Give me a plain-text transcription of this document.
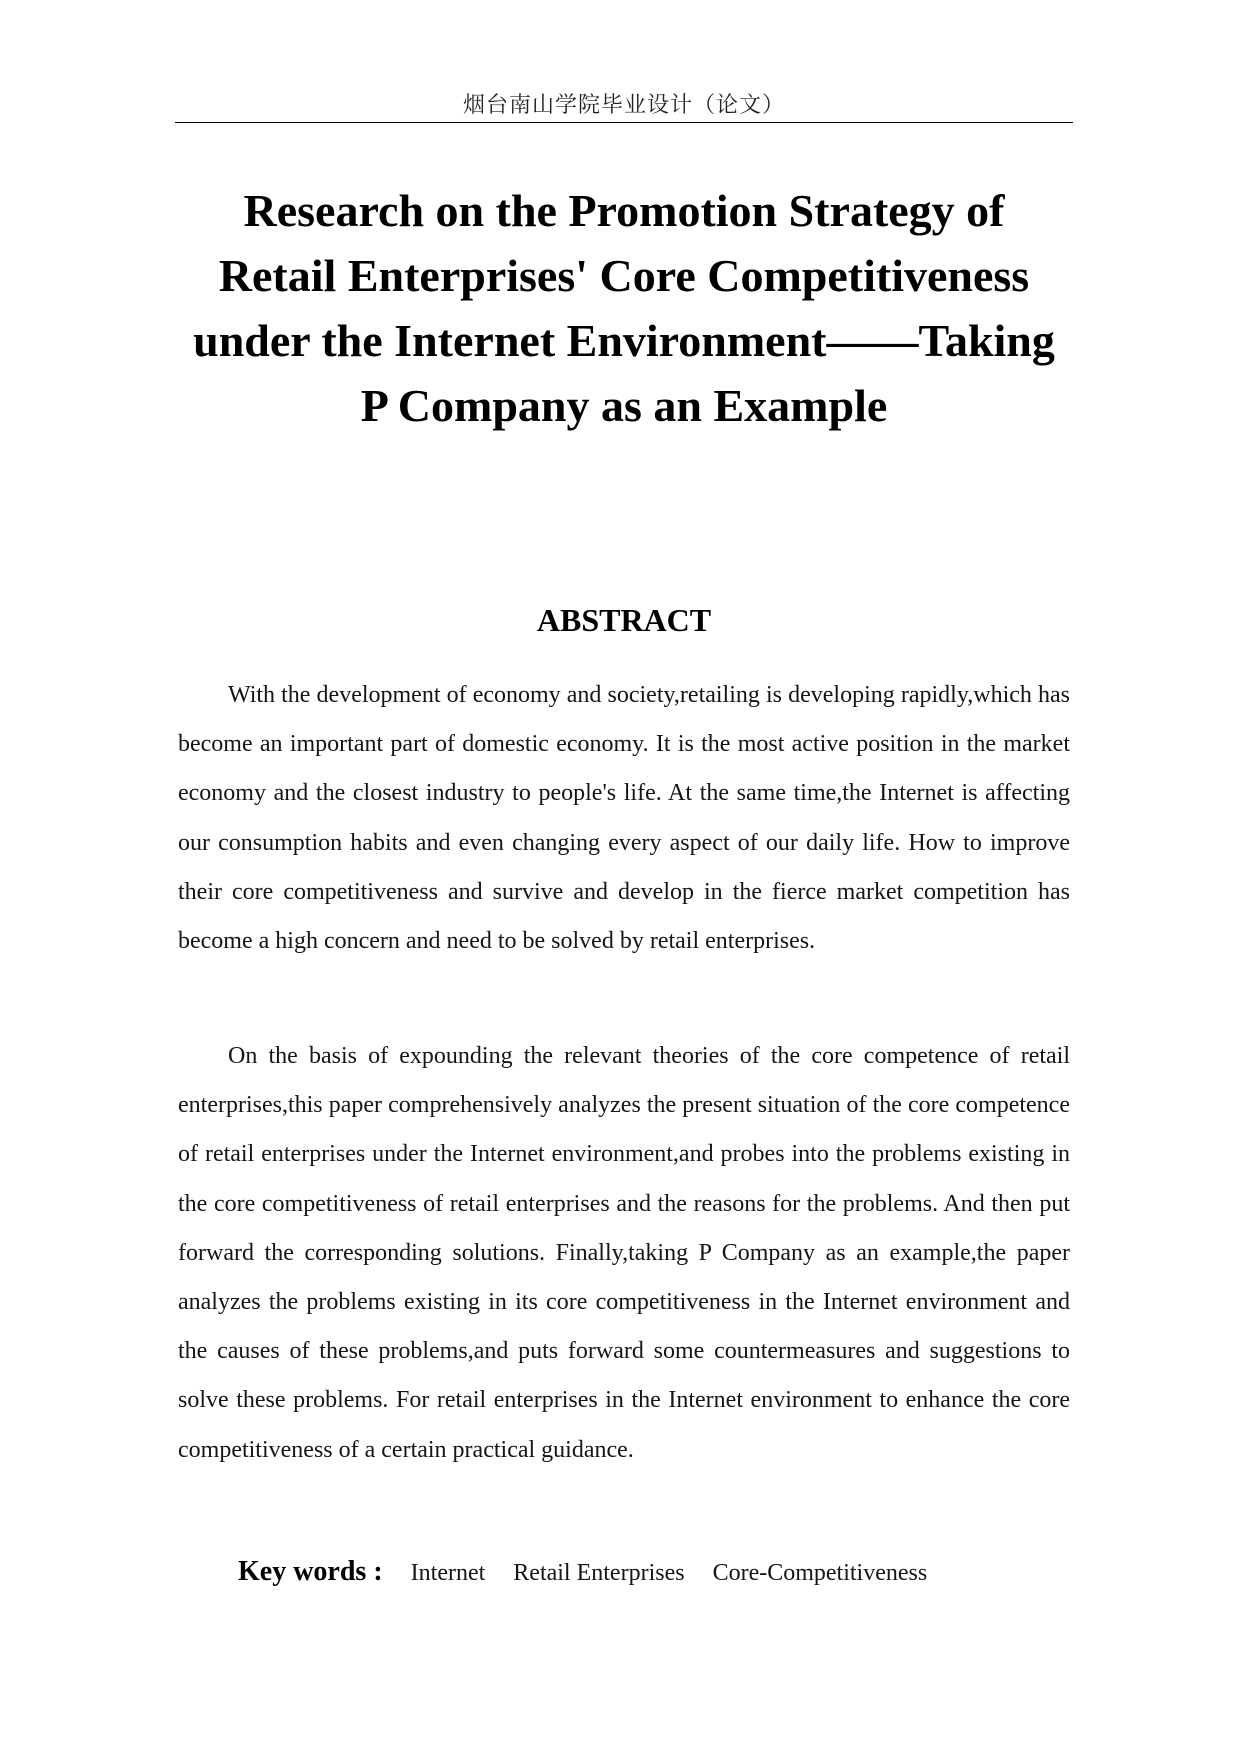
烟台南山学院毕业设计（论文）
Research on the Promotion Strategy of
Retail Enterprises' Core Competitiveness
under the Internet Environment——Taking
P Company as an Example
ABSTRACT

With the development of economy and society,retailing is developing rapidly,which has become an important part of domestic economy. It is the most active position in the market economy and the closest industry to people's life. At the same time,the Internet is affecting our consumption habits and even changing every aspect of our daily life. How to improve their core competitiveness and survive and develop in the fierce market competition has become a high concern and need to be solved by retail enterprises.

On the basis of expounding the relevant theories of the core competence of retail enterprises,this paper comprehensively analyzes the present situation of the core competence of retail enterprises under the Internet environment,and probes into the problems existing in the core competitiveness of retail enterprises and the reasons for the problems. And then put forward the corresponding solutions. Finally,taking P Company as an example,the paper analyzes the problems existing in its core competitiveness in the Internet environment and the causes of these problems,and puts forward some countermeasures and suggestions to solve these problems. For retail enterprises in the Internet environment to enhance the core competitiveness of a certain practical guidance.

Key words : Internet Retail Enterprises Core-Competitiveness
